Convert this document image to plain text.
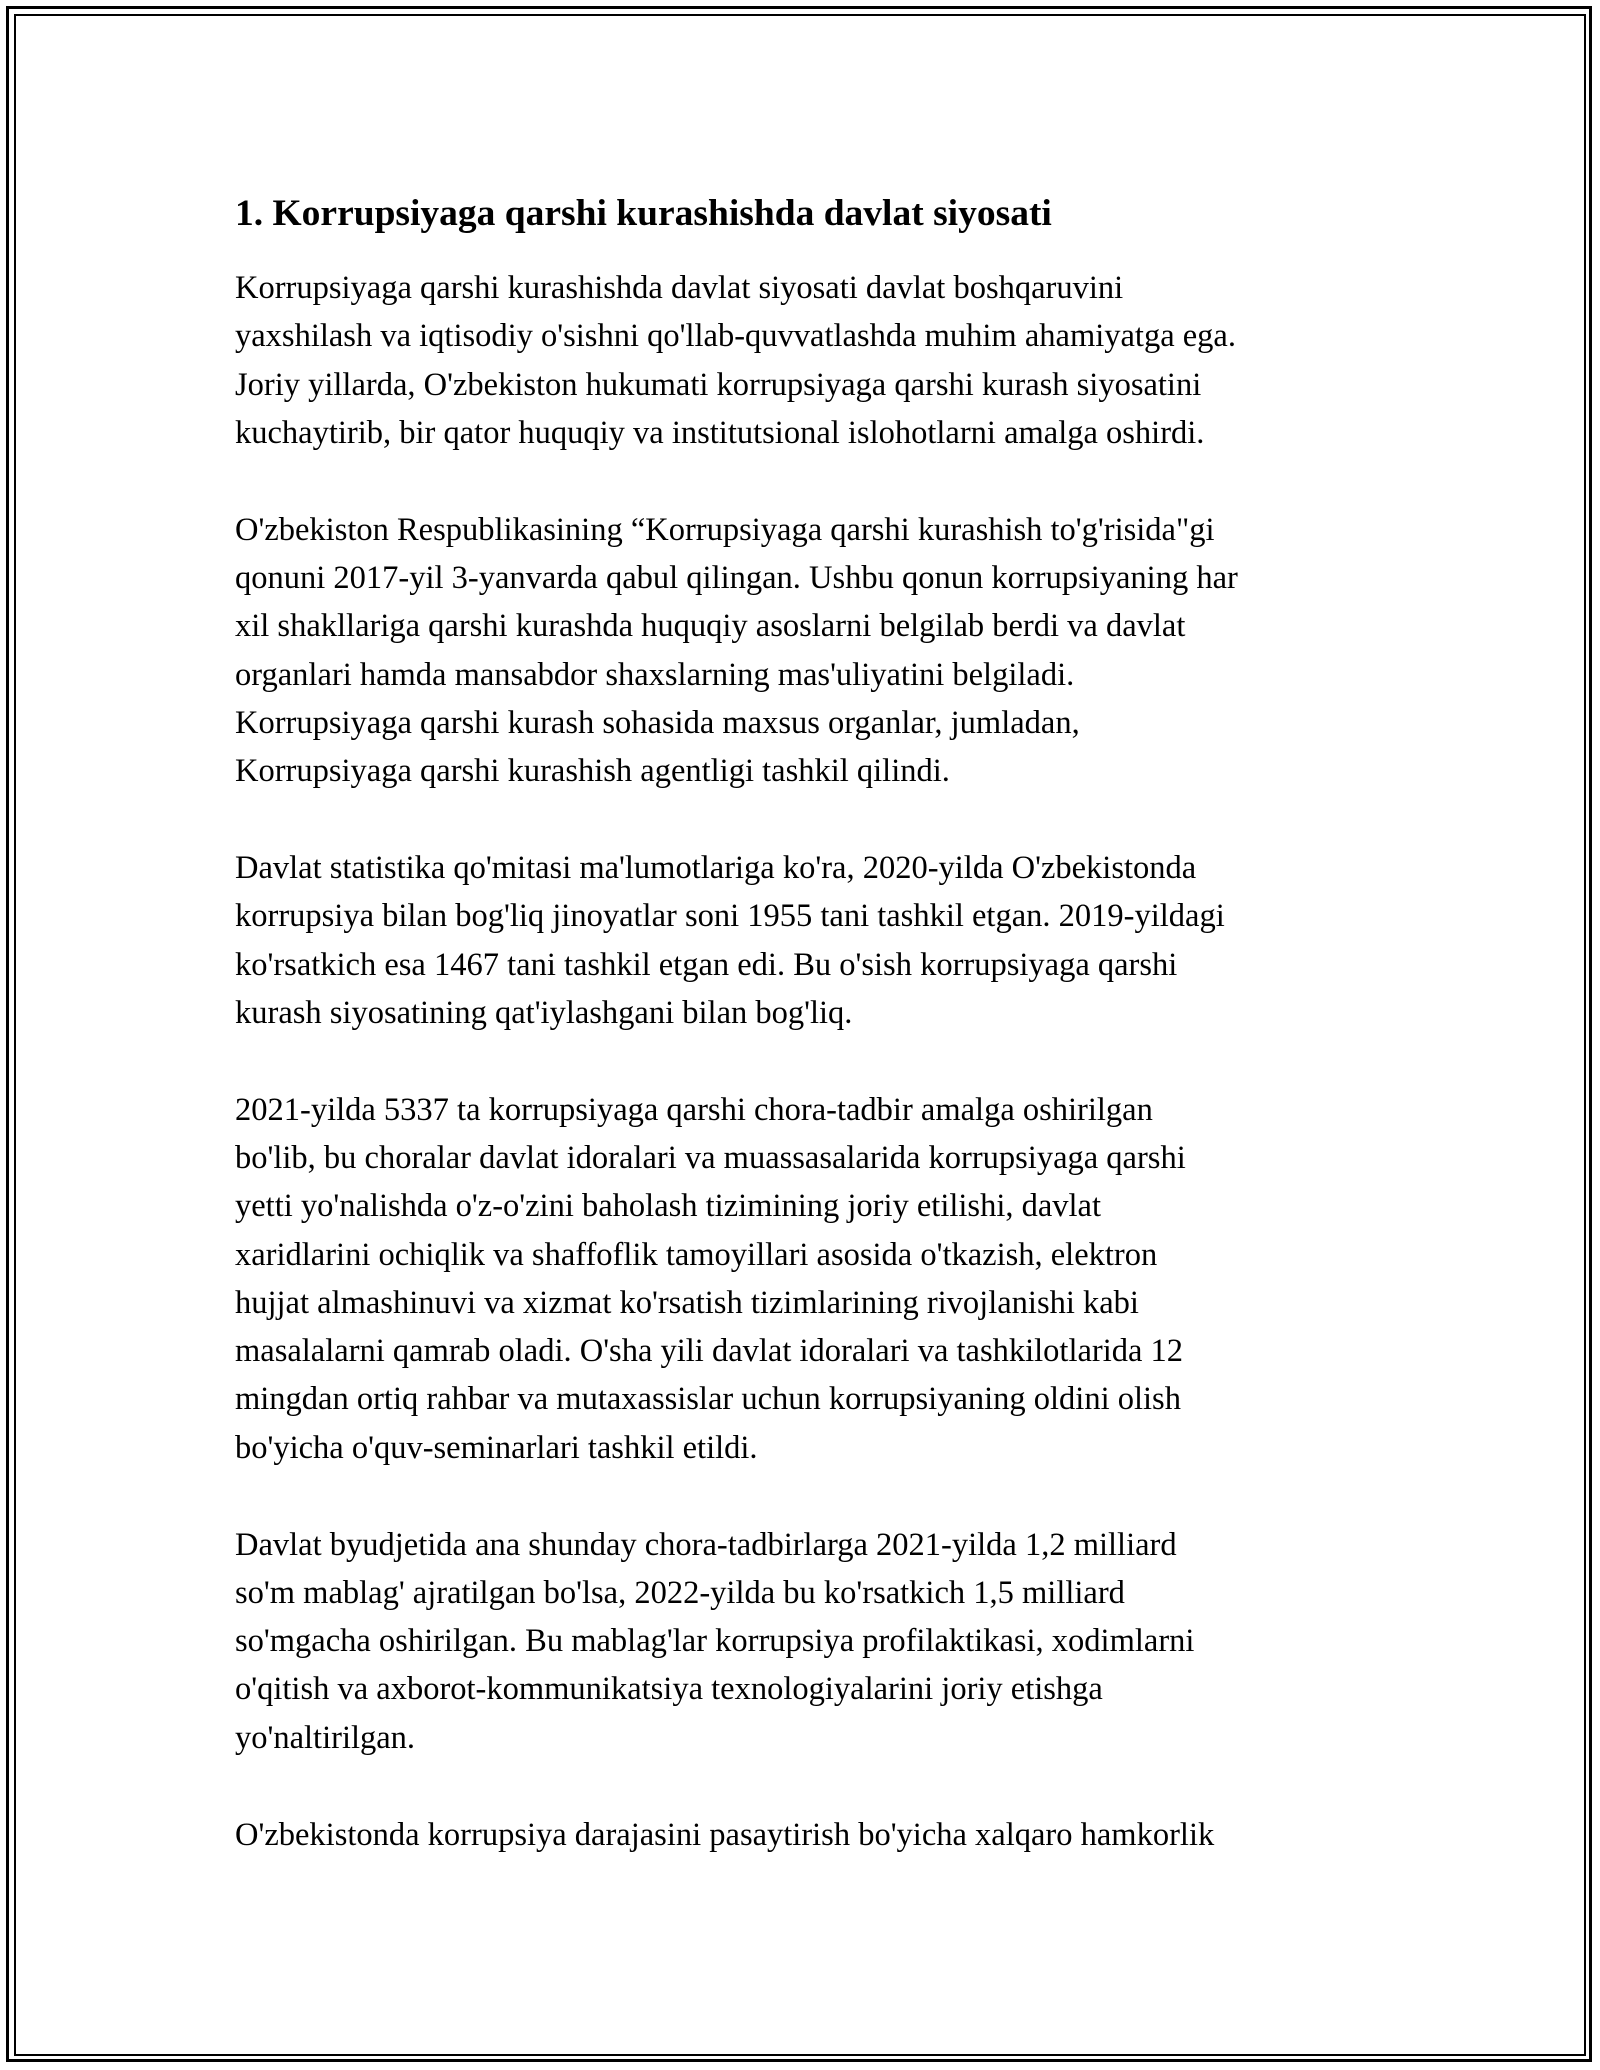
1. Korrupsiyaga qarshi kurashishda davlat siyosati
Korrupsiyaga qarshi kurashishda davlat siyosati davlat boshqaruvini
yaxshilash va iqtisodiy o'sishni qo'llab-quvvatlashda muhim ahamiyatga ega.
Joriy yillarda, O'zbekiston hukumati korrupsiyaga qarshi kurash siyosatini
kuchaytirib, bir qator huquqiy va institutsional islohotlarni amalga oshirdi.
O'zbekiston Respublikasining “Korrupsiyaga qarshi kurashish to'g'risida"gi
qonuni 2017-yil 3-yanvarda qabul qilingan. Ushbu qonun korrupsiyaning har
xil shakllariga qarshi kurashda huquqiy asoslarni belgilab berdi va davlat
organlari hamda mansabdor shaxslarning mas'uliyatini belgiladi.
Korrupsiyaga qarshi kurash sohasida maxsus organlar, jumladan,
Korrupsiyaga qarshi kurashish agentligi tashkil qilindi.
Davlat statistika qo'mitasi ma'lumotlariga ko'ra, 2020-yilda O'zbekistonda
korrupsiya bilan bog'liq jinoyatlar soni 1955 tani tashkil etgan. 2019-yildagi
ko'rsatkich esa 1467 tani tashkil etgan edi. Bu o'sish korrupsiyaga qarshi
kurash siyosatining qat'iylashgani bilan bog'liq.
2021-yilda 5337 ta korrupsiyaga qarshi chora-tadbir amalga oshirilgan
bo'lib, bu choralar davlat idoralari va muassasalarida korrupsiyaga qarshi
yetti yo'nalishda o'z-o'zini baholash tizimining joriy etilishi, davlat
xaridlarini ochiqlik va shaffoflik tamoyillari asosida o'tkazish, elektron
hujjat almashinuvi va xizmat ko'rsatish tizimlarining rivojlanishi kabi
masalalarni qamrab oladi. O'sha yili davlat idoralari va tashkilotlarida 12
mingdan ortiq rahbar va mutaxassislar uchun korrupsiyaning oldini olish
bo'yicha o'quv-seminarlari tashkil etildi.
Davlat byudjetida ana shunday chora-tadbirlarga 2021-yilda 1,2 milliard
so'm mablag' ajratilgan bo'lsa, 2022-yilda bu ko'rsatkich 1,5 milliard
so'mgacha oshirilgan. Bu mablag'lar korrupsiya profilaktikasi, xodimlarni
o'qitish va axborot-kommunikatsiya texnologiyalarini joriy etishga
yo'naltirilgan.
O'zbekistonda korrupsiya darajasini pasaytirish bo'yicha xalqaro hamkorlik
